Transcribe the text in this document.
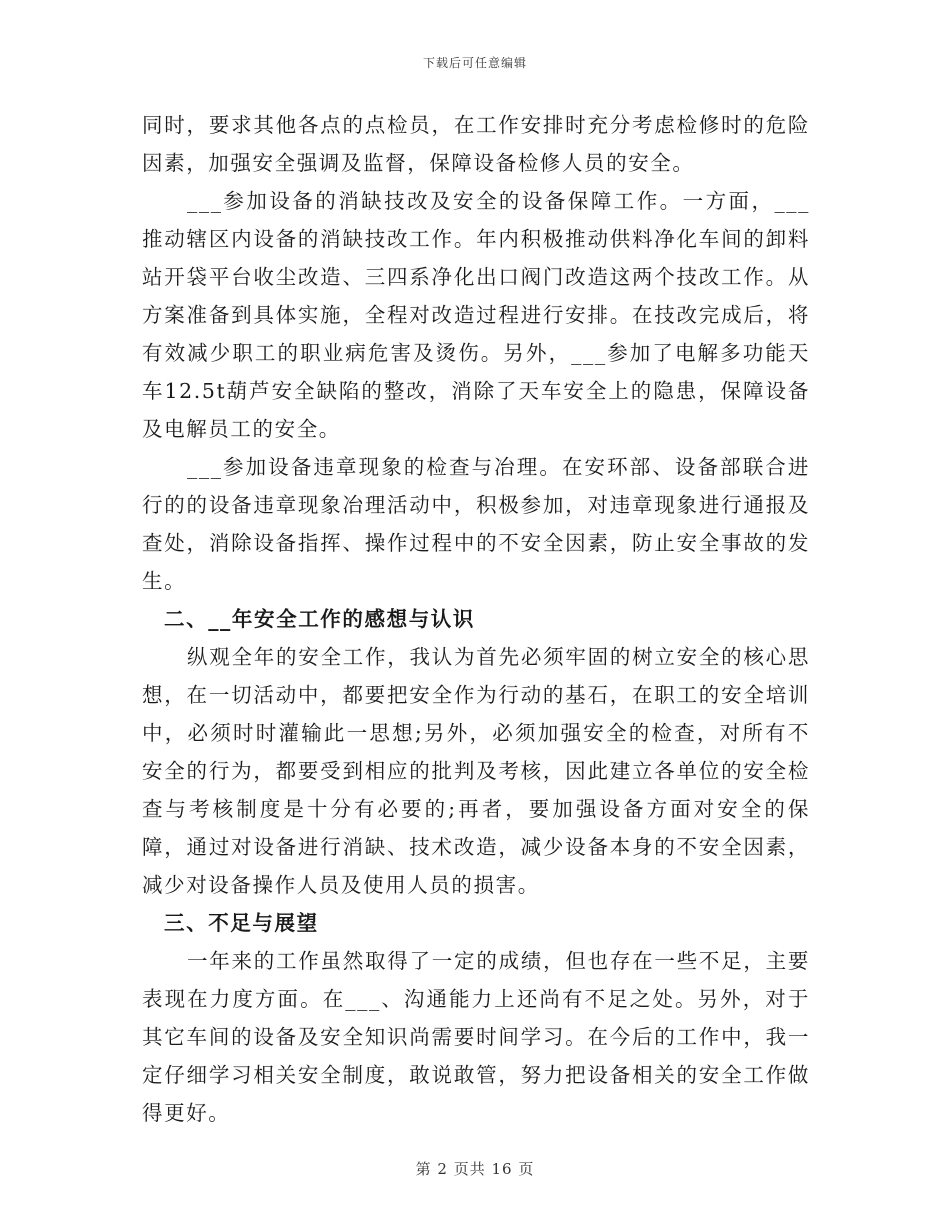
下载后可任意编辑

同时，要求其他各点的点检员，在工作安排时充分考虑检修时的危险因素，加强安全强调及监督，保障设备检修人员的安全。

___参加设备的消缺技改及安全的设备保障工作。一方面，___推动辖区内设备的消缺技改工作。年内积极推动供料净化车间的卸料站开袋平台收尘改造、三四系净化出口阀门改造这两个技改工作。从方案准备到具体实施，全程对改造过程进行安排。在技改完成后，将有效减少职工的职业病危害及烫伤。另外，___参加了电解多功能天车12.5t葫芦安全缺陷的整改，消除了天车安全上的隐患，保障设备及电解员工的安全。

___参加设备违章现象的检查与冶理。在安环部、设备部联合进行的的设备违章现象冶理活动中，积极参加，对违章现象进行通报及查处，消除设备指挥、操作过程中的不安全因素，防止安全事故的发生。

二、__年安全工作的感想与认识

纵观全年的安全工作，我认为首先必须牢固的树立安全的核心思想，在一切活动中，都要把安全作为行动的基石，在职工的安全培训中，必须时时灌输此一思想;另外，必须加强安全的检查，对所有不安全的行为，都要受到相应的批判及考核，因此建立各单位的安全检查与考核制度是十分有必要的;再者，要加强设备方面对安全的保障，通过对设备进行消缺、技术改造，减少设备本身的不安全因素，减少对设备操作人员及使用人员的损害。

三、不足与展望

一年来的工作虽然取得了一定的成绩，但也存在一些不足，主要表现在力度方面。在___、沟通能力上还尚有不足之处。另外，对于其它车间的设备及安全知识尚需要时间学习。在今后的工作中，我一定仔细学习相关安全制度，敢说敢管，努力把设备相关的安全工作做得更好。

第 2 页共 16 页
